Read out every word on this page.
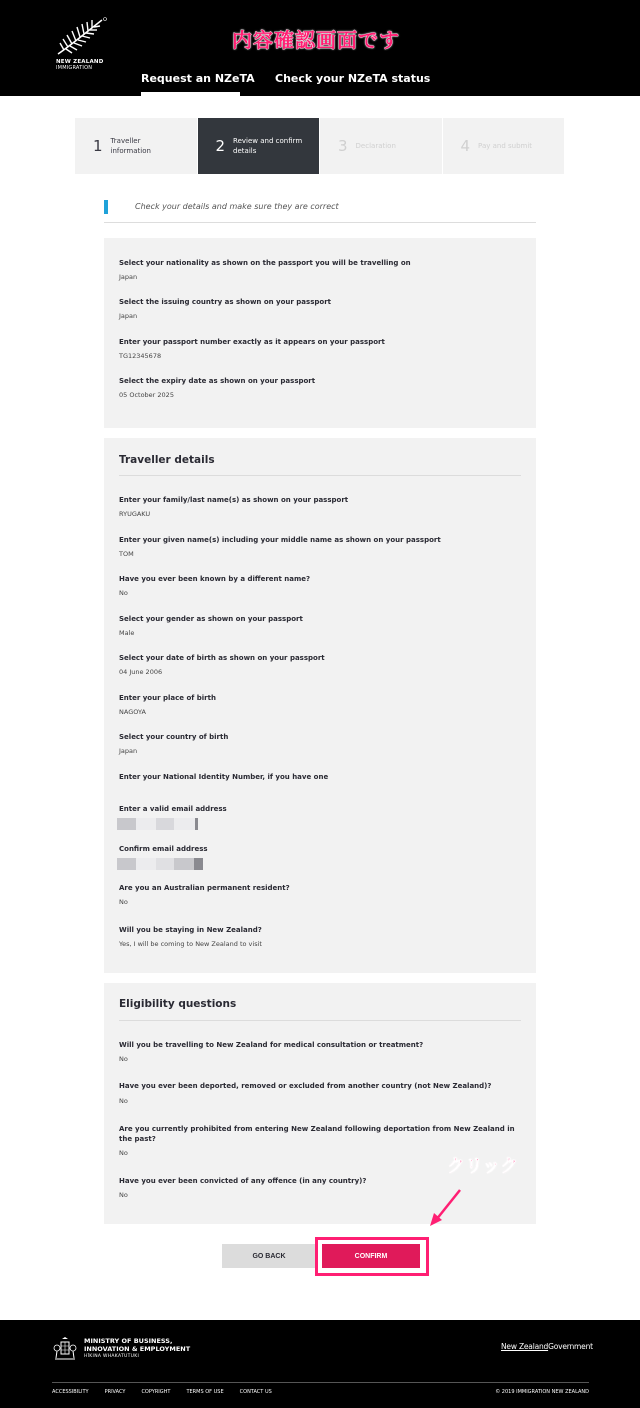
NEW ZEALAND
IMMIGRATION
内容確認画面です
Request an NZeTA Check your NZeTA status
1 Traveller information	2 Review and confirm details	3 Declaration	4 Pay and submit
Check your details and make sure they are correct
Select your nationality as shown on the passport you will be travelling on
Japan
Select the issuing country as shown on your passport
Japan
Enter your passport number exactly as it appears on your passport
TG12345678
Select the expiry date as shown on your passport
05 October 2025
Traveller details
Enter your family/last name(s) as shown on your passport
RYUGAKU
Enter your given name(s) including your middle name as shown on your passport
TOM
Have you ever been known by a different name?
No
Select your gender as shown on your passport
Male
Select your date of birth as shown on your passport
04 June 2006
Enter your place of birth
NAGOYA
Select your country of birth
Japan
Enter your National Identity Number, if you have one
Enter a valid email address
Confirm email address
Are you an Australian permanent resident?
No
Will you be staying in New Zealand?
Yes, I will be coming to New Zealand to visit
Eligibility questions
Will you be travelling to New Zealand for medical consultation or treatment?
No
Have you ever been deported, removed or excluded from another country (not New Zealand)?
No
Are you currently prohibited from entering New Zealand following deportation from New Zealand in the past?
No
Have you ever been convicted of any offence (in any country)?
No
クリック
GO BACK	CONFIRM
MINISTRY OF BUSINESS,
INNOVATION & EMPLOYMENT
HĪKINA WHAKATUTUKI
New ZealandGovernment
ACCESSIBILITY	PRIVACY	COPYRIGHT	TERMS OF USE	CONTACT US	© 2019 IMMIGRATION NEW ZEALAND
